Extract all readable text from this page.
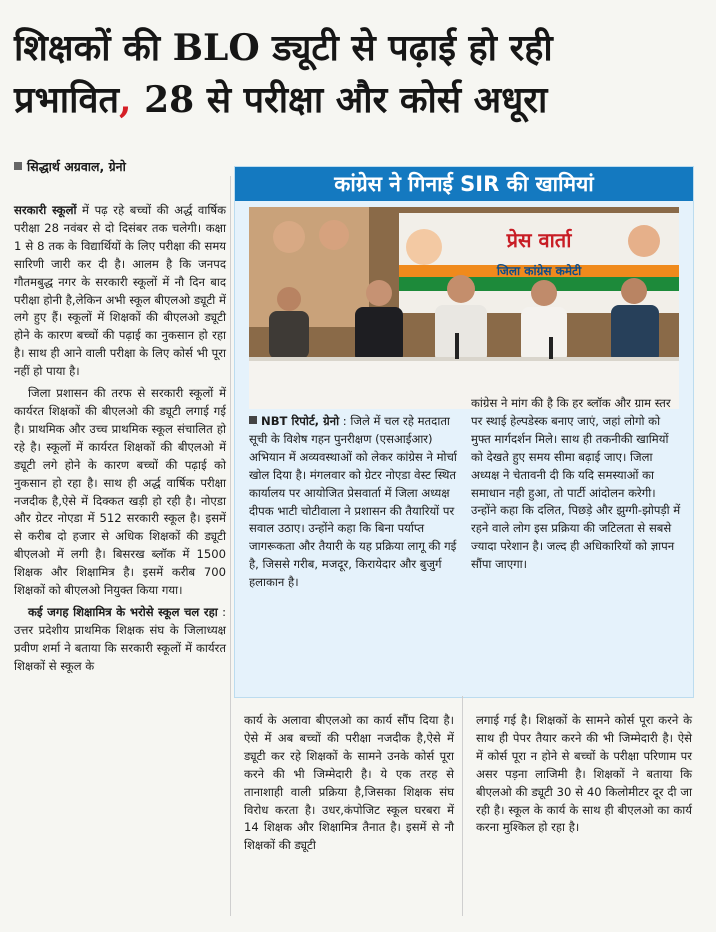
शिक्षकों की BLO ड्यूटी से पढ़ाई हो रही
प्रभावित, 28 से परीक्षा और कोर्स अधूरा
सिद्धार्थ अग्रवाल, ग्रेनो

सरकारी स्कूलों में पढ़ रहे बच्चों की अर्द्ध वार्षिक परीक्षा 28 नवंबर से दो दिसंबर तक चलेगी। कक्षा 1 से 8 तक के विद्यार्थियों के लिए परीक्षा की समय सारिणी जारी कर दी है। आलम है कि जनपद गौतमबुद्ध नगर के सरकारी स्कूलों में नौ दिन बाद परीक्षा होनी है,लेकिन अभी स्कूल बीएलओ ड्यूटी में लगे हुए हैं। स्कूलों में शिक्षकों की बीएलओ ड्यूटी होने के कारण बच्चों की पढ़ाई का नुकसान हो रहा है। साथ ही आने वाली परीक्षा के लिए कोर्स भी पूरा नहीं हो पाया है।

जिला प्रशासन की तरफ से सरकारी स्कूलों में कार्यरत शिक्षकों की बीएलओ की ड्यूटी लगाई गई है। प्राथमिक और उच्च प्राथमिक स्कूल संचालित हो रहे है। स्कूलों में कार्यरत शिक्षकों की बीएलओ में ड्यूटी लगे होने के कारण बच्चों की पढ़ाई को नुकसान हो रहा है। साथ ही अर्द्ध वार्षिक परीक्षा नजदीक है,ऐसे में दिक्कत खड़ी हो रही है। नोएडा और ग्रेटर नोएडा में 512 सरकारी स्कूल है। इसमें से करीब दो हजार से अधिक शिक्षकों की ड्यूटी बीएलओ में लगी है। बिसरख ब्लॉक में 1500 शिक्षक और शिक्षामित्र है। इसमें करीब 700 शिक्षकों को बीएलओ नियुक्त किया गया।

कई जगह शिक्षामित्र के भरोसे स्कूल चल रहा : उत्तर प्रदेशीय प्राथमिक शिक्षक संघ के जिलाध्यक्ष प्रवीण शर्मा ने बताया कि सरकारी स्कूलों में कार्यरत शिक्षकों से स्कूल के

कांग्रेस ने गिनाई SIR की खामियां
प्रेस वार्ता
जिला कांग्रेस कमेटी
NBT रिपोर्ट, ग्रेनो : जिले में चल रहे मतदाता सूची के विशेष गहन पुनरीक्षण (एसआईआर) अभियान में अव्यवस्थाओं को लेकर कांग्रेस ने मोर्चा खोल दिया है। मंगलवार को ग्रेटर नोएडा वेस्ट स्थित कार्यालय पर आयोजित प्रेसवार्ता में जिला अध्यक्ष दीपक भाटी चोटीवाला ने प्रशासन की तैयारियों पर सवाल उठाए। उन्होंने कहा कि बिना पर्याप्त जागरूकता और तैयारी के यह प्रक्रिया लागू की गई है, जिससे गरीब, मजदूर, किरायेदार और बुजुर्ग हलाकान है।
कांग्रेस ने मांग की है कि हर ब्लॉक और ग्राम स्तर पर स्थाई हेल्पडेस्क बनाए जाएं, जहां लोगो को मुफ्त मार्गदर्शन मिले। साथ ही तकनीकी खामियों को देखते हुए समय सीमा बढ़ाई जाए। जिला अध्यक्ष ने चेतावनी दी कि यदि समस्याओं का समाधान नही हुआ, तो पार्टी आंदोलन करेगी। उन्होंने कहा कि दलित, पिछड़े और झुग्गी-झोपड़ी में रहने वाले लोग इस प्रक्रिया की जटिलता से सबसे ज्यादा परेशान है। जल्द ही अधिकारियों को ज्ञापन सौंपा जाएगा।

कार्य के अलावा बीएलओ का कार्य सौंप दिया है। ऐसे में अब बच्चों की परीक्षा नजदीक है,ऐसे में ड्यूटी कर रहे शिक्षकों के सामने उनके कोर्स पूरा करने की भी जिम्मेदारी है। ये एक तरह से तानाशाही वाली प्रक्रिया है,जिसका शिक्षक संघ विरोध करता है। उधर,कंपोजिट स्कूल घरबरा में 14 शिक्षक और शिक्षामित्र तैनात है। इसमें से नौ शिक्षकों की ड्यूटी

लगाई गई है। शिक्षकों के सामने कोर्स पूरा करने के साथ ही पेपर तैयार करने की भी जिम्मेदारी है। ऐसे में कोर्स पूरा न होने से बच्चों के परीक्षा परिणाम पर असर पड़ना लाजिमी है। शिक्षकों ने बताया कि बीएलओ की ड्यूटी 30 से 40 किलोमीटर दूर दी जा रही है। स्कूल के कार्य के साथ ही बीएलओ का कार्य करना मुश्किल हो रहा है।
